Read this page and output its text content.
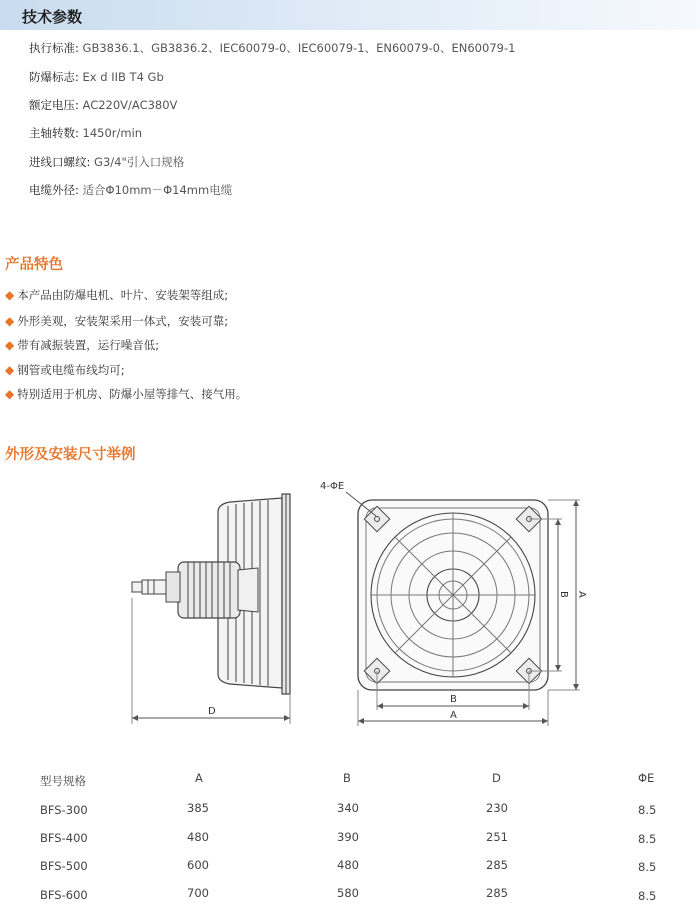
技术参数
执行标准: GB3836.1、GB3836.2、IEC60079-0、IEC60079-1、EN60079-0、EN60079-1
防爆标志: Ex d IIB T4 Gb
额定电压: AC220V/AC380V
主轴转数: 1450r/min
进线口螺纹: G3/4"引入口规格
电缆外径: 适合Φ10mm－Φ14mm电缆
产品特色
◆ 本产品由防爆电机、叶片、安装架等组成;
◆ 外形美观，安装架采用一体式，安装可靠;
◆ 带有减振装置，运行噪音低;
◆ 钢管或电缆布线均可;
◆ 特别适用于机房、防爆小屋等排气、接气用。
外形及安装尺寸举例
D
4-ΦE
B
A
B A
型号规格	A	B	D	ΦE
BFS-300	385	340	230	8.5
BFS-400	480	390	251	8.5
BFS-500	600	480	285	8.5
BFS-600	700	580	285	8.5
